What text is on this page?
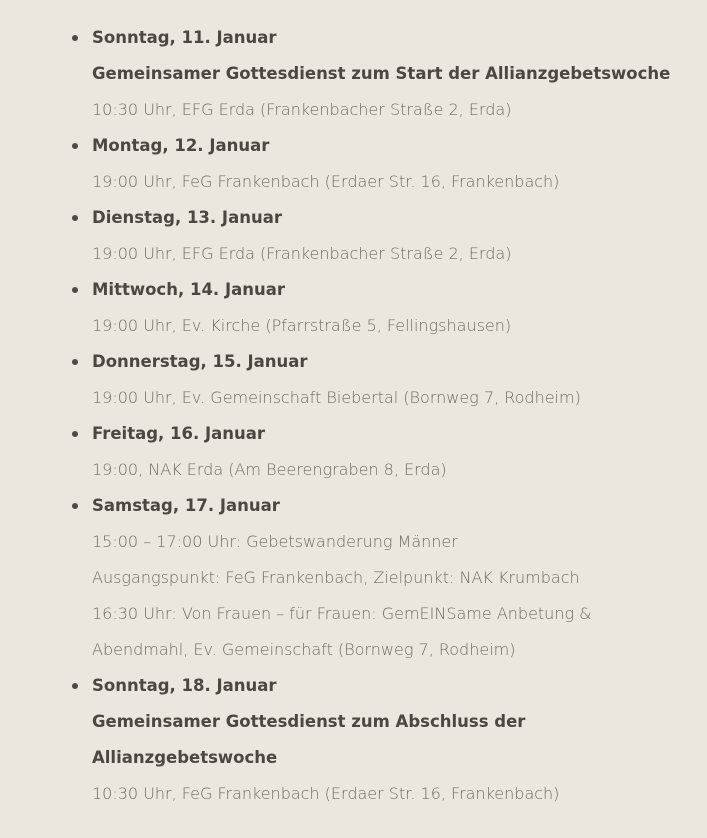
Sonntag, 11. Januar
Gemeinsamer Gottesdienst zum Start der Allianzgebetswoche
10:30 Uhr, EFG Erda (Frankenbacher Straße 2, Erda)
Montag, 12. Januar
19:00 Uhr, FeG Frankenbach (Erdaer Str. 16, Frankenbach)
Dienstag, 13. Januar
19:00 Uhr, EFG Erda (Frankenbacher Straße 2, Erda)
Mittwoch, 14. Januar
19:00 Uhr, Ev. Kirche (Pfarrstraße 5, Fellingshausen)
Donnerstag, 15. Januar
19:00 Uhr, Ev. Gemeinschaft Biebertal (Bornweg 7, Rodheim)
Freitag, 16. Januar
19:00, NAK Erda (Am Beerengraben 8, Erda)
Samstag, 17. Januar
15:00 – 17:00 Uhr: Gebetswanderung Männer
Ausgangspunkt: FeG Frankenbach, Zielpunkt: NAK Krumbach
16:30 Uhr: Von Frauen – für Frauen: GemEINSame Anbetung &
Abendmahl, Ev. Gemeinschaft (Bornweg 7, Rodheim)
Sonntag, 18. Januar
Gemeinsamer Gottesdienst zum Abschluss der
Allianzgebetswoche
10:30 Uhr, FeG Frankenbach (Erdaer Str. 16, Frankenbach)
